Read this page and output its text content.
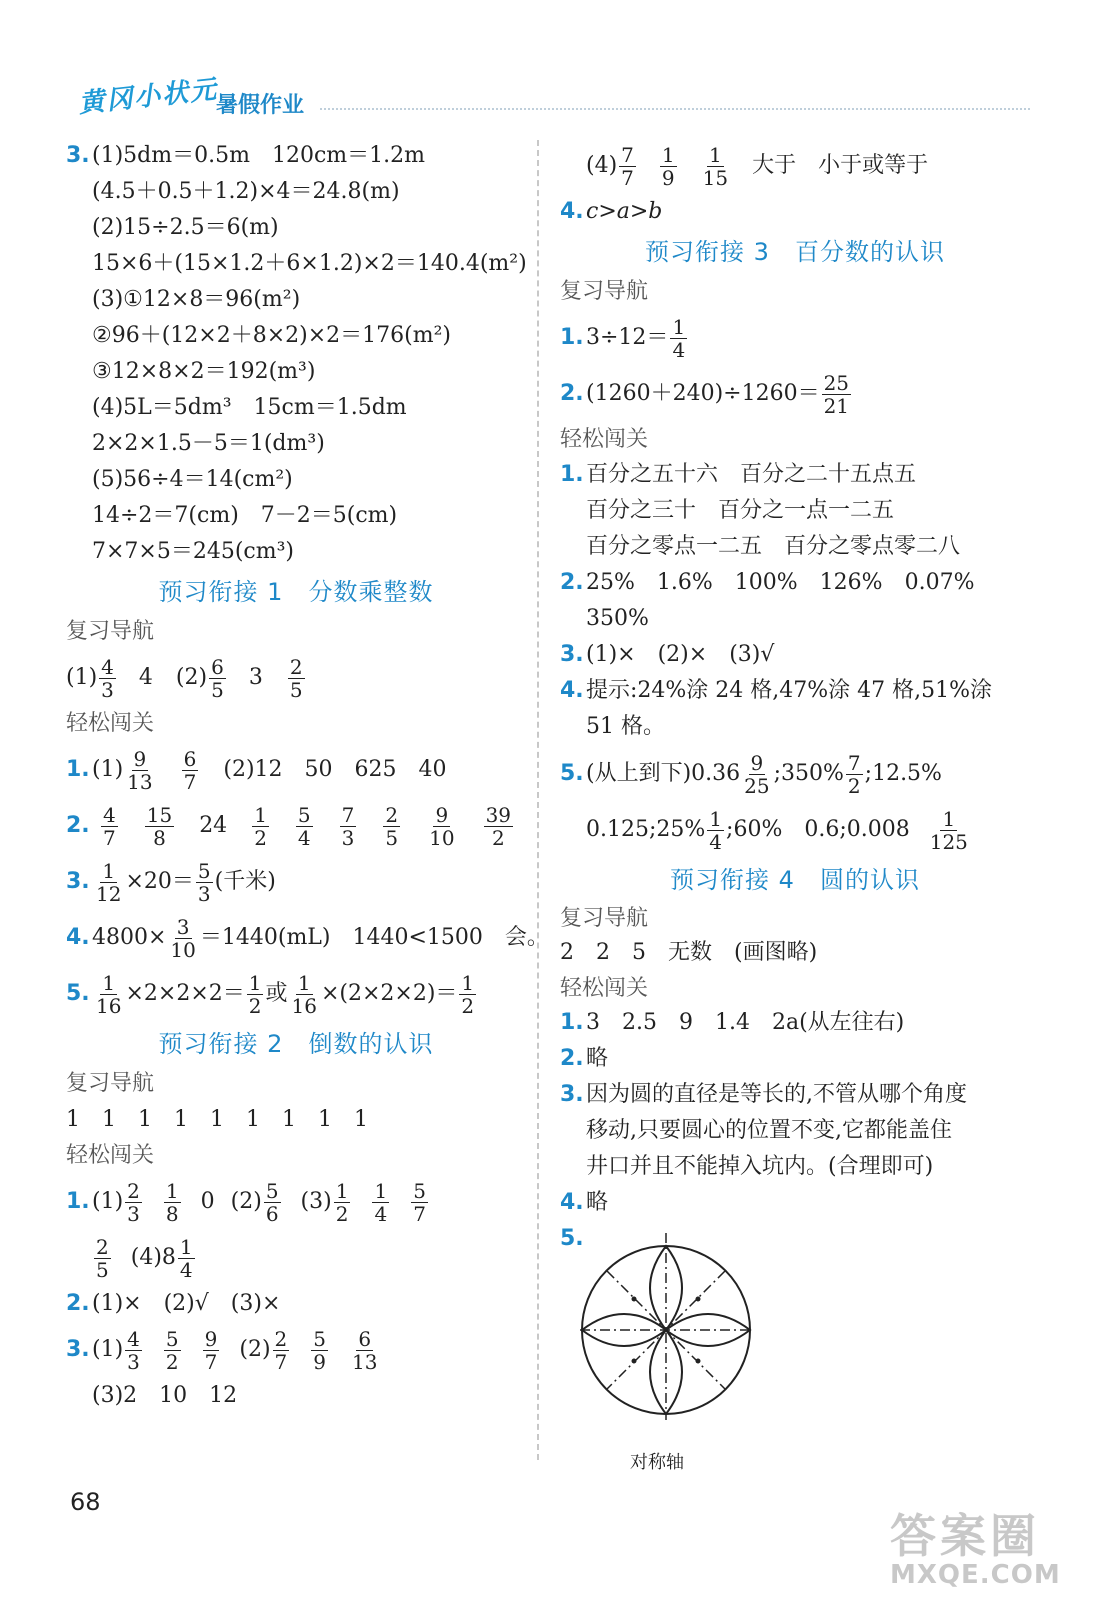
黄冈小状元
暑假作业
3. (1)5dm＝0.5m　120cm＝1.2m
(4.5＋0.5＋1.2)×4＝24.8(m)
(2)15÷2.5＝6(m)
15×6＋(15×1.2＋6×1.2)×2＝140.4(m²)
(3)①12×8＝96(m²)
②96＋(12×2＋8×2)×2＝176(m²)
③12×8×2＝192(m³)
(4)5L＝5dm³　15cm＝1.5dm
2×2×1.5－5＝1(dm³)
(5)56÷4＝14(cm²)
14÷2＝7(cm)　7－2＝5(cm)
7×7×5＝245(cm³)
预习衔接 1　分数乘整数
复习导航
$(1) \frac{4}{3} 4$ $(2) \frac{6}{5} 3 \frac{2}{5}$
轻松闯关
1. $(1) \frac{9}{13}$
$\frac{6}{7} (2)12$　50　625　40
2. $\frac{4}{7}$
$\frac{15}{8} 24 \frac{1}{2}$
$\frac{5}{4}$
$\frac{7}{3}$
$\frac{2}{5}$
$\frac{9}{10}$
$\frac{39}{2}$
3. $\frac{1}{12} \times 20= \frac{5}{3}$ (千米)
4. $4800\times \frac{3}{10} =1440(mL)$　1440<1500　会。
5. $\frac{1}{16} \times 2\times 2\times 2= \frac{1}{2}$ 或 $\frac{1}{16} \times(2\times 2\times 2)= \frac{1}{2}$
预习衔接 2　倒数的认识
复习导航
1　1　1　1　1　1　1　1　1
轻松闯关
1. $(1) \frac{2}{3} \frac{1}{8} 0$ $(2) \frac{5}{6} (3) \frac{1}{2} \frac{1}{4} \frac{5}{7}$
$\frac{2}{5} (4)8 \frac{1}{4}$
2. (1)×　(2)√　(3)×
3. $(1) \frac{4}{3} \frac{5}{2} \frac{9}{7} (2) \frac{2}{7} \frac{5}{9} \frac{6}{13}$
(3)2　10　12
$(4) \frac{7}{7} \frac{1}{9} \frac{1}{15}$ 大于　小于或等于
4. c>a>b
预习衔接 3　百分数的认识
复习导航
1. $3\div 12= \frac{1}{4}$
2. $(1260+240)\div 1260= \frac{25}{21}$
轻松闯关
1. 百分之五十六　百分之二十五点五
百分之三十　百分之一点一二五
百分之零点一二五　百分之零点零二八
2. 25%　1.6%　100%　126%　0.07%
350%
3. (1)×　(2)×　(3)√
4. 提示:24%涂 24 格,47%涂 47 格,51%涂
51 格。
5. (从上到下)$0.36 \frac{9}{25}$ ;350% $\frac{7}{2}$ ;12.5%
0.125;25% $\frac{1}{4}$ ;60%　0.6;0.008 $\frac{1}{125}$
预习衔接 4　圆的认识
复习导航
2　2　5　无数　(画图略)
轻松闯关
1. 3　2.5　9　1.4　2a(从左往右)
2. 略
3. 因为圆的直径是等长的,不管从哪个角度
移动,只要圆心的位置不变,它都能盖住
井口并且不能掉入坑内。(合理即可)
4. 略
5.
对称轴
68
答案圈
MXQE.COM
